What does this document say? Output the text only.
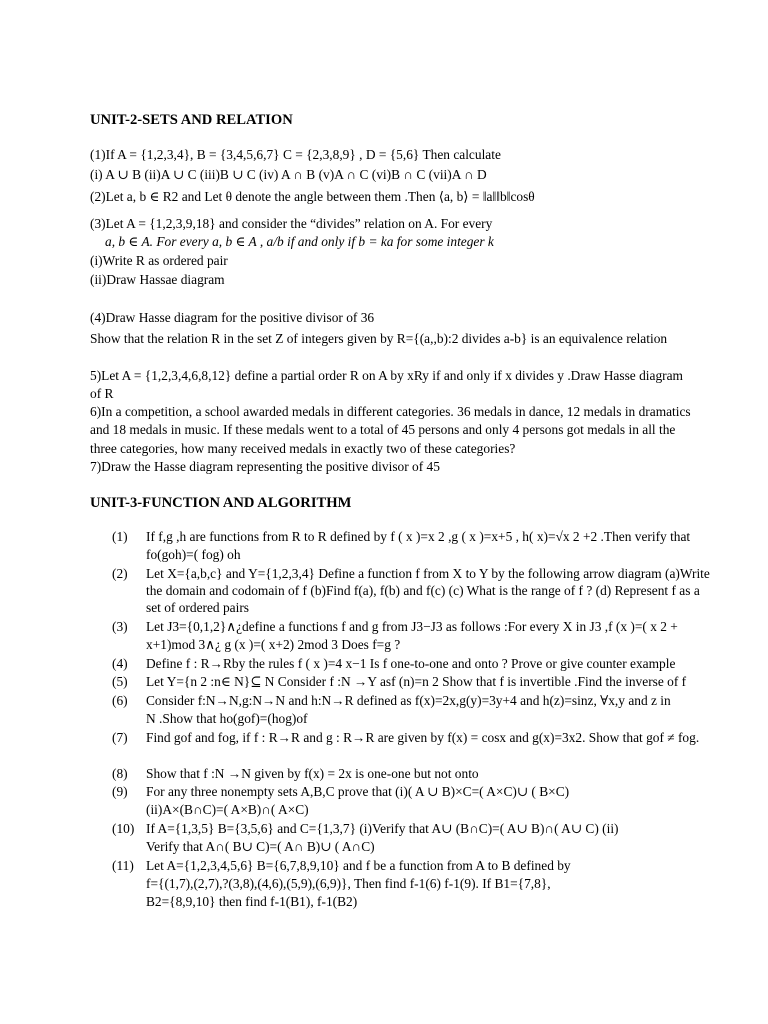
UNIT-2-SETS AND RELATION
(1)If A = {1,2,3,4}, B = {3,4,5,6,7} C = {2,3,8,9} , D = {5,6} Then calculate
(i) A ∪ B (ii)A ∪ C (iii)B ∪ C (iv) A ∩ B (v)A ∩ C (vi)B ∩ C (vii)A ∩ D
(2)Let a, b ∈ R2 and Let θ denote the angle between them .Then ⟨a, b⟩ = ‖a‖‖b‖cosθ
(3)Let A = {1,2,3,9,18} and consider the “divides” relation on A. For every
a, b ∈ A. For every a, b ∈ A , a/b if and only if b = ka for some integer k
(i)Write R as ordered pair
(ii)Draw Hassae diagram
(4)Draw Hasse diagram for the positive divisor of 36
Show that the relation R in the set Z of integers given by R={(a,,b):2 divides a-b} is an equivalence relation
5)Let A = {1,2,3,4,6,8,12} define a partial order R on A by xRy if and only if x divides y .Draw Hasse diagram
of R
6)In a competition, a school awarded medals in different categories. 36 medals in dance, 12 medals in dramatics
and 18 medals in music. If these medals went to a total of 45 persons and only 4 persons got medals in all the
three categories, how many received medals in exactly two of these categories?
7)Draw the Hasse diagram representing the positive divisor of 45
UNIT-3-FUNCTION AND ALGORITHM
(1) If f,g ,h are functions from R to R defined by f ( x )=x 2 ,g ( x )=x+5 , h( x)=√x 2 +2 .Then verify that
fo(goh)=( fog) oh
(2) Let X={a,b,c} and Y={1,2,3,4} Define a function f from X to Y by the following arrow diagram (a)Write
the domain and codomain of f (b)Find f(a), f(b) and f(c) (c) What is the range of f ? (d) Represent f as a
set of ordered pairs
(3) Let J3={0,1,2}∧¿define a functions f and g from J3−J3 as follows :For every X in J3 ,f (x )=( x 2 +
x+1)mod 3∧¿ g (x )=( x+2) 2mod 3 Does f=g ?
(4) Define f : R→Rby the rules f ( x )=4 x−1 Is f one-to-one and onto ? Prove or give counter example
(5) Let Y={n 2 :n∈ N}⊆ N Consider f :N →Y asf (n)=n 2 Show that f is invertible .Find the inverse of f
(6) Consider f:N→N,g:N→N and h:N→R defined as f(x)=2x,g(y)=3y+4 and h(z)=sinz, ∀x,y and z in
N .Show that ho(gof)=(hog)of
(7) Find gof and fog, if f : R→R and g : R→R are given by f(x) = cosx and g(x)=3x2. Show that gof ≠ fog.
(8) Show that f :N →N given by f(x) = 2x is one-one but not onto
(9) For any three nonempty sets A,B,C prove that (i)( A ∪ B)×C=( A×C)∪ ( B×C)
(ii)A×(B∩C)=( A×B)∩( A×C)
(10) If A={1,3,5} B={3,5,6} and C={1,3,7} (i)Verify that A∪ (B∩C)=( A∪ B)∩( A∪ C) (ii)
Verify that A∩( B∪ C)=( A∩ B)∪ ( A∩C)
(11) Let A={1,2,3,4,5,6} B={6,7,8,9,10} and f be a function from A to B defined by
f={(1,7),(2,7),?(3,8),(4,6),(5,9),(6,9)}, Then find f-1(6) f-1(9). If B1={7,8},
B2={8,9,10} then find f-1(B1), f-1(B2)
